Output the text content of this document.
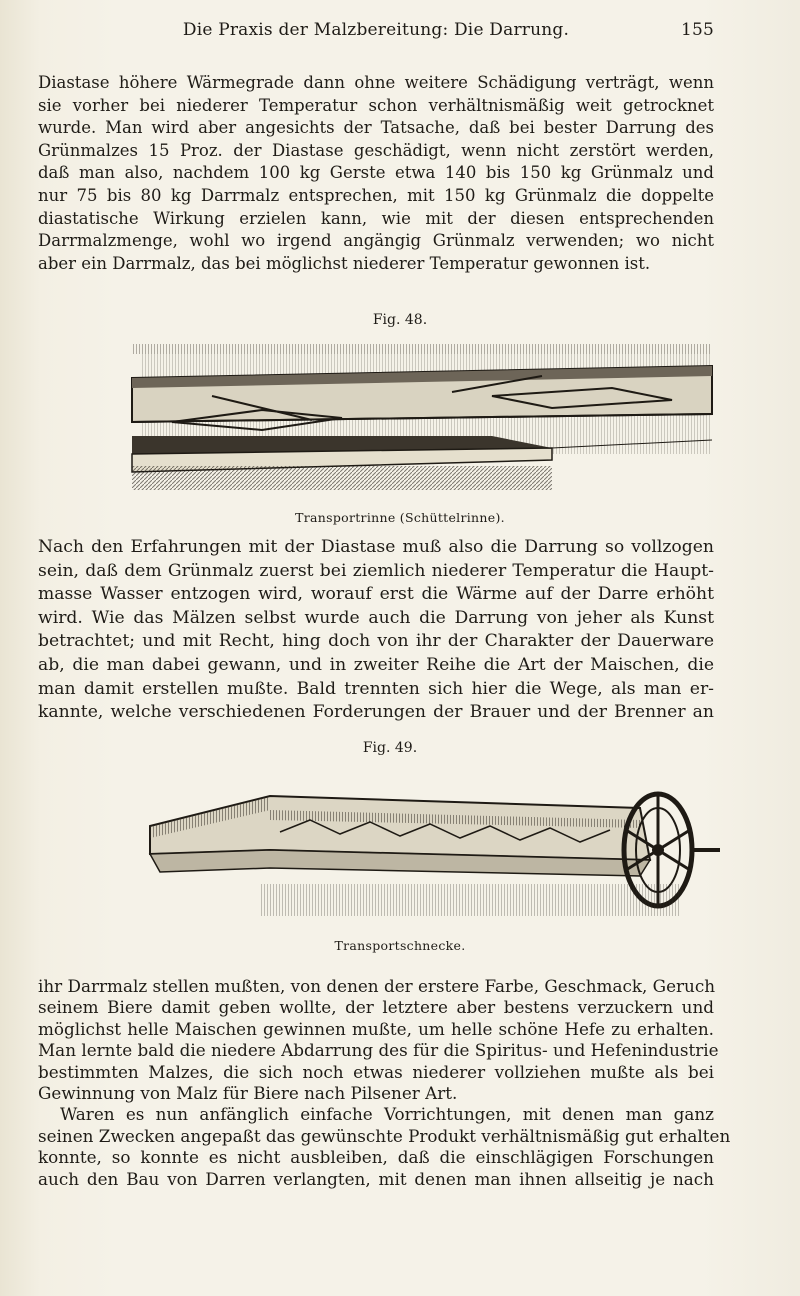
Die Praxis der Malzbereitung: Die Darrung.	155
Diastase höhere Wärmegrade dann ohne weitere Schädigung verträgt, wenn
sie vorher bei niederer Temperatur schon verhältnismäßig weit getrocknet
wurde. Man wird aber angesichts der Tatsache, daß bei bester Darrung des
Grünmalzes 15 Proz. der Diastase geschädigt, wenn nicht zerstört werden,
daß man also, nachdem 100 kg Gerste etwa 140 bis 150 kg Grünmalz und
nur 75 bis 80 kg Darrmalz entsprechen, mit 150 kg Grünmalz die doppelte
diastatische Wirkung erzielen kann, wie mit der diesen entsprechenden
Darrmalzmenge, wohl wo irgend angängig Grünmalz verwenden; wo nicht
aber ein Darrmalz, das bei möglichst niederer Temperatur gewonnen ist.
Fig. 48.
Transportrinne (Schüttelrinne).
Nach den Erfahrungen mit der Diastase muß also die Darrung so vollzogen
sein, daß dem Grünmalz zuerst bei ziemlich niederer Temperatur die Haupt-
masse Wasser entzogen wird, worauf erst die Wärme auf der Darre erhöht
wird. Wie das Mälzen selbst wurde auch die Darrung von jeher als Kunst
betrachtet; und mit Recht, hing doch von ihr der Charakter der Dauerware
ab, die man dabei gewann, und in zweiter Reihe die Art der Maischen, die
man damit erstellen mußte. Bald trennten sich hier die Wege, als man er-
kannte, welche verschiedenen Forderungen der Brauer und der Brenner an
Fig. 49.
Transportschnecke.
ihr Darrmalz stellen mußten, von denen der erstere Farbe, Geschmack, Geruch
seinem Biere damit geben wollte, der letztere aber bestens verzuckern und
möglichst helle Maischen gewinnen mußte, um helle schöne Hefe zu erhalten.
Man lernte bald die niedere Abdarrung des für die Spiritus- und Hefenindustrie
bestimmten Malzes, die sich noch etwas niederer vollziehen mußte als bei
Gewinnung von Malz für Biere nach Pilsener Art.
Waren es nun anfänglich einfache Vorrichtungen, mit denen man ganz
seinen Zwecken angepaßt das gewünschte Produkt verhältnismäßig gut erhalten
konnte, so konnte es nicht ausbleiben, daß die einschlägigen Forschungen
auch den Bau von Darren verlangten, mit denen man ihnen allseitig je nach
